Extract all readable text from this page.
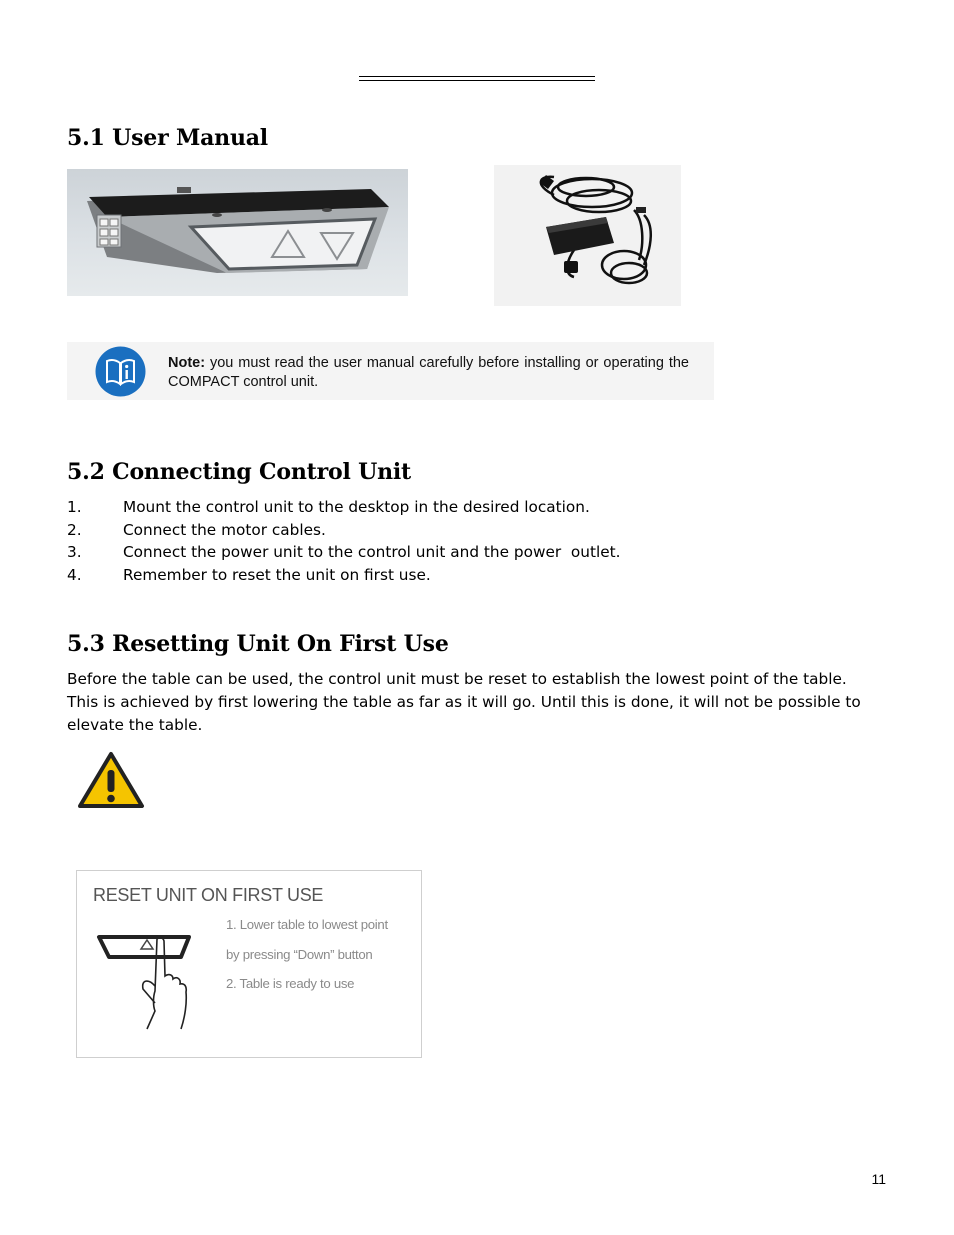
5.1 User Manual
Note: you must read the user manual carefully before installing or operating the COMPACT control unit.
5.2 Connecting Control Unit
1.	Mount the control unit to the desktop in the desired location.
2.	Connect the motor cables.
3.	Connect the power unit to the control unit and the power  outlet.
4.	Remember to reset the unit on first use.
5.3 Resetting Unit On First Use

Before the table can be used, the control unit must be reset to establish the lowest point of the table. This is achieved by first lowering the table as far as it will go. Until this is done, it will not be possible to elevate the table.

RESET UNIT ON FIRST USE
1. Lower table to lowest point
by pressing “Down” button
2. Table is ready to use
11
